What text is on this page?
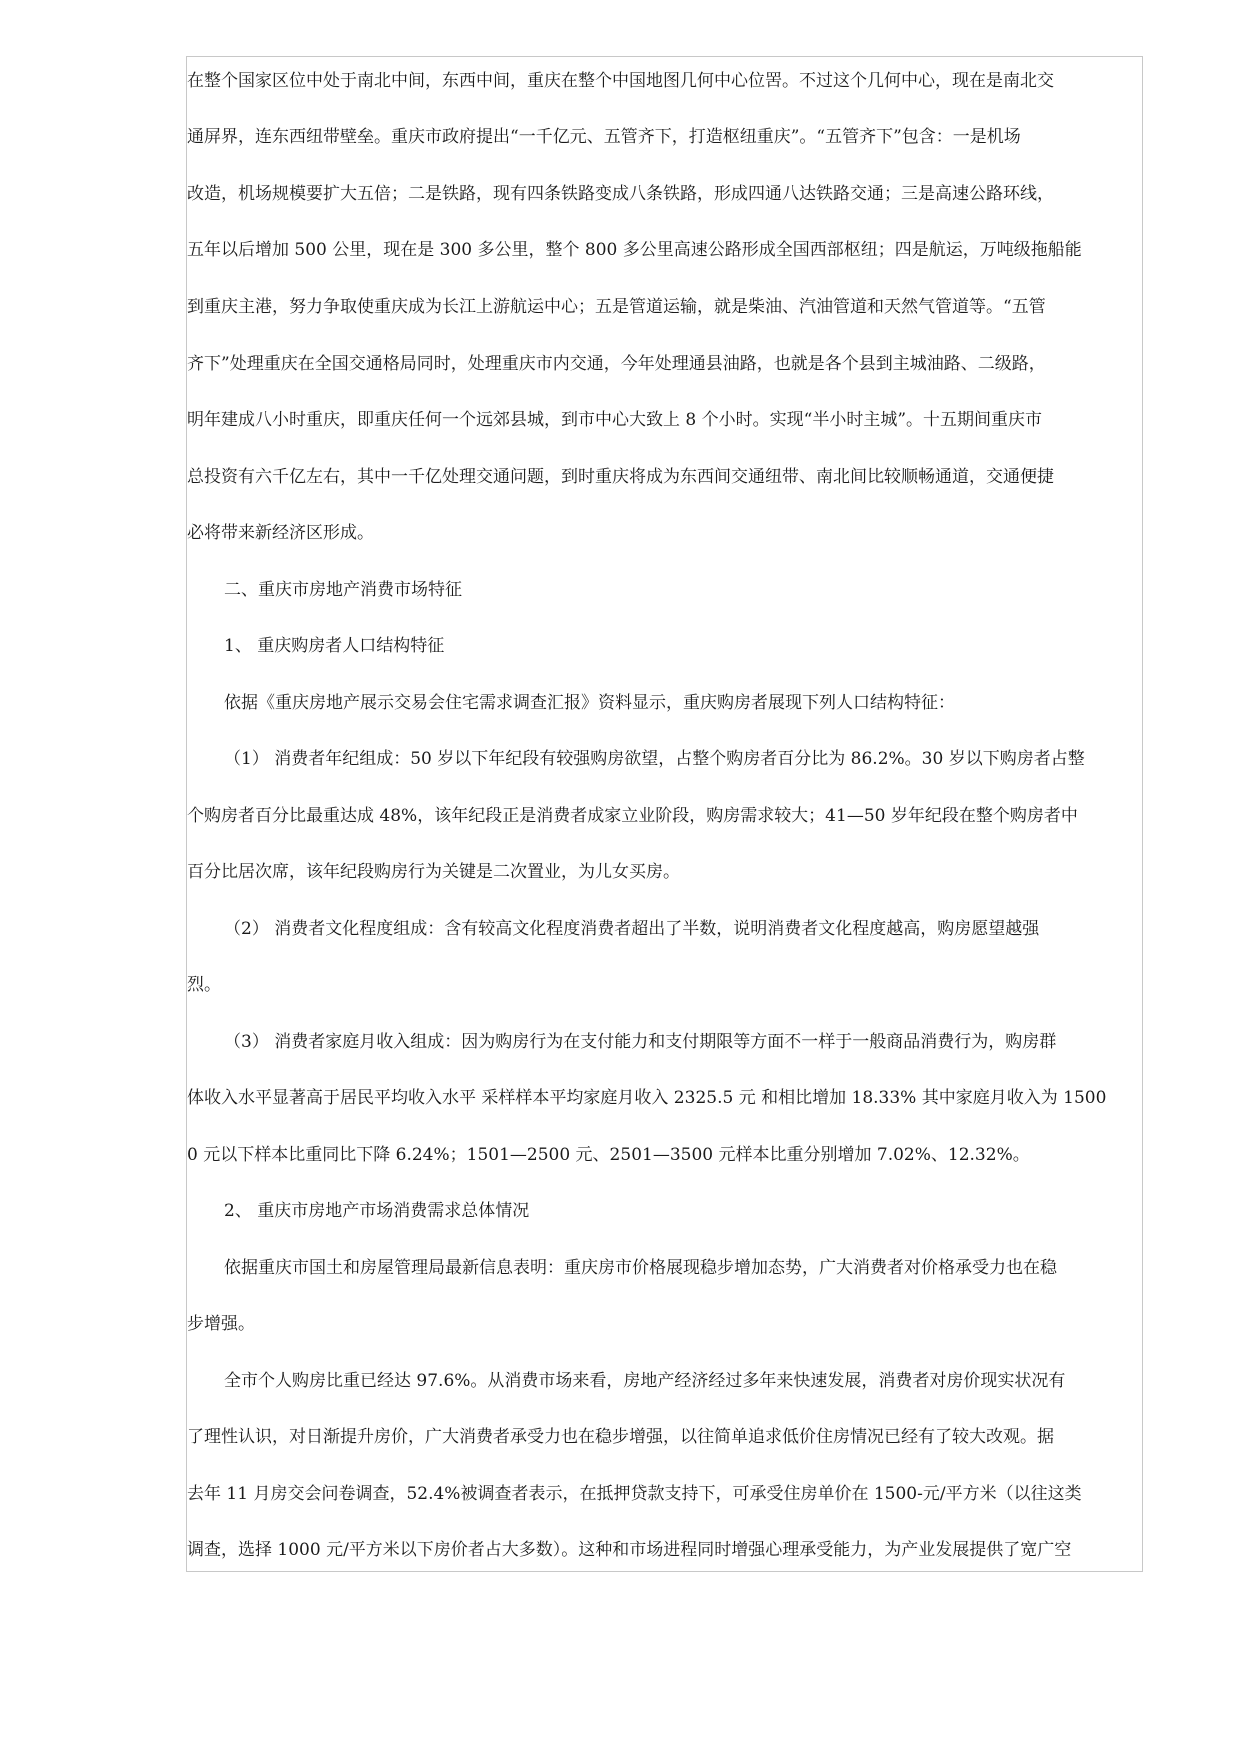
在整个国家区位中处于南北中间，东西中间，重庆在整个中国地图几何中心位罟。不过这个几何中心，现在是南北交
通屏界，连东西纽带壁垒。重庆市政府提出“一千亿元、五管齐下，打造枢纽重庆”。“五管齐下”包含：一是机场
改造，机场规模要扩大五倍；二是铁路，现有四条铁路变成八条铁路，形成四通八达铁路交通；三是高速公路环线，
五年以后增加 500 公里，现在是 300 多公里，整个 800 多公里高速公路形成全国西部枢纽；四是航运，万吨级拖船能
到重庆主港，努力争取使重庆成为长江上游航运中心；五是管道运输，就是柴油、汽油管道和天然气管道等。“五管
齐下”处理重庆在全国交通格局同时，处理重庆市内交通，今年处理通县油路，也就是各个县到主城油路、二级路，
明年建成八小时重庆，即重庆任何一个远郊县城，到市中心大致上 8 个小时。实现“半小时主城”。十五期间重庆市
总投资有六千亿左右，其中一千亿处理交通问题，到时重庆将成为东西间交通纽带、南北间比较顺畅通道，交通便捷
必将带来新经济区形成。
二、重庆市房地产消费市场特征
1、 重庆购房者人口结构特征
依据《重庆房地产展示交易会住宅需求调查汇报》资料显示，重庆购房者展现下列人口结构特征：
（1） 消费者年纪组成：50 岁以下年纪段有较强购房欲望，占整个购房者百分比为 86.2%。30 岁以下购房者占整
个购房者百分比最重达成 48%，该年纪段正是消费者成家立业阶段，购房需求较大；41—50 岁年纪段在整个购房者中
百分比居次席，该年纪段购房行为关键是二次置业，为儿女买房。
（2） 消费者文化程度组成：含有较高文化程度消费者超出了半数，说明消费者文化程度越高，购房愿望越强
烈。
（3） 消费者家庭月收入组成：因为购房行为在支付能力和支付期限等方面不一样于一般商品消费行为，购房群
体收入水平显著高于居民平均收入水平 采样样本平均家庭月收入 2325.5 元 和相比增加 18.33% 其中家庭月收入为 1500
0 元以下样本比重同比下降 6.24%；1501—2500 元、2501—3500 元样本比重分别增加 7.02%、12.32%。
2、 重庆市房地产市场消费需求总体情况
依据重庆市国土和房屋管理局最新信息表明：重庆房市价格展现稳步增加态势，广大消费者对价格承受力也在稳
步增强。
全市个人购房比重已经达 97.6%。从消费市场来看，房地产经济经过多年来快速发展，消费者对房价现实状况有
了理性认识，对日渐提升房价，广大消费者承受力也在稳步增强，以往简单追求低价住房情况已经有了较大改观。据
去年 11 月房交会问卷调查，52.4%被调查者表示，在抵押贷款支持下，可承受住房单价在 1500-元/平方米（以往这类
调查，选择 1000 元/平方米以下房价者占大多数）。这种和市场进程同时增强心理承受能力，为产业发展提供了宽广空
